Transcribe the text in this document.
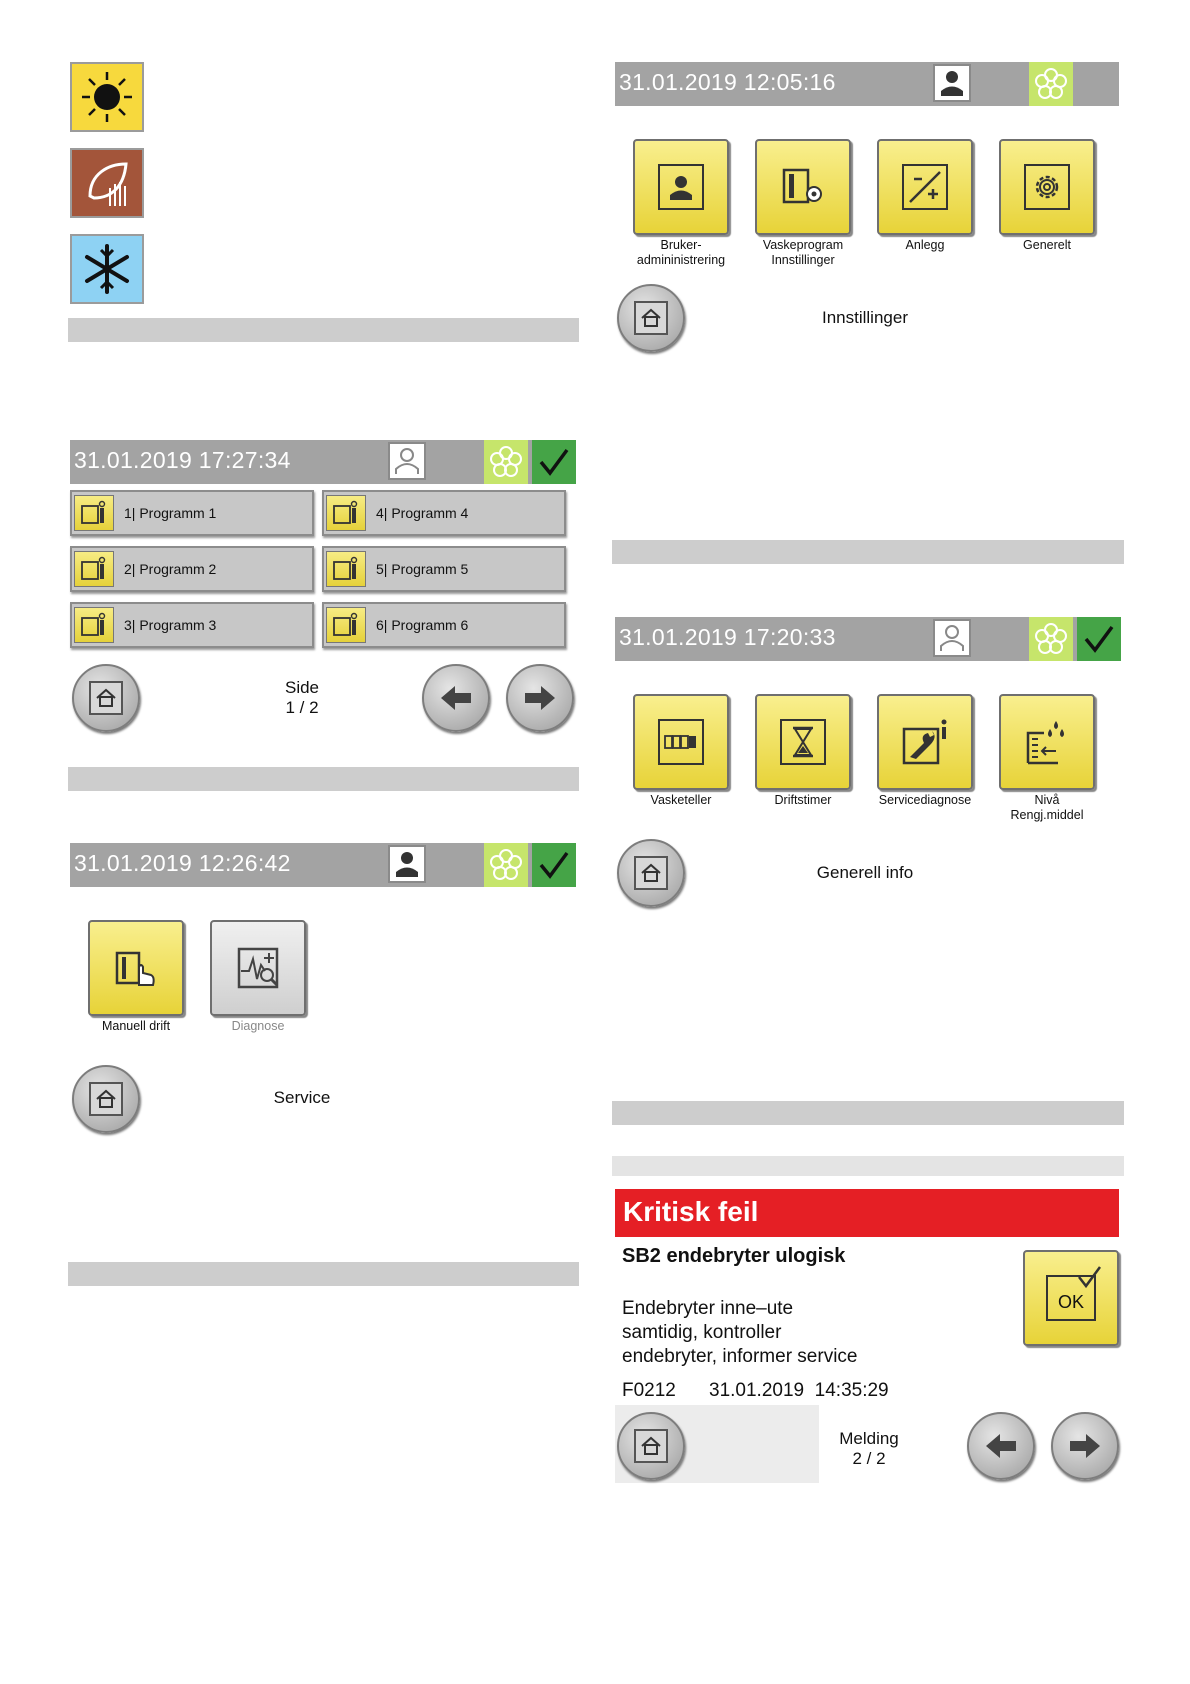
31.01.2019 17:27:34
1| Programm 1
2| Programm 2
3| Programm 3
4| Programm 4
5| Programm 5
6| Programm 6
Side
1 / 2
31.01.2019 12:26:42
Manuell drift	Diagnose
Service
31.01.2019 12:05:16
Bruker-
admininistrering
Vaskeprogram
Innstillinger
Anlegg	Generelt
Innstillinger
31.01.2019 17:20:33
Vasketeller	Driftstimer	Servicediagnose	Nivå
Rengj.middel
Generell info
Kritisk feil
SB2 endebryter ulogisk
Endebryter inne–ute
samtidig, kontroller
endebryter, informer service
F0212 31.01.2019  14:35:29
OK
Melding
2 / 2
